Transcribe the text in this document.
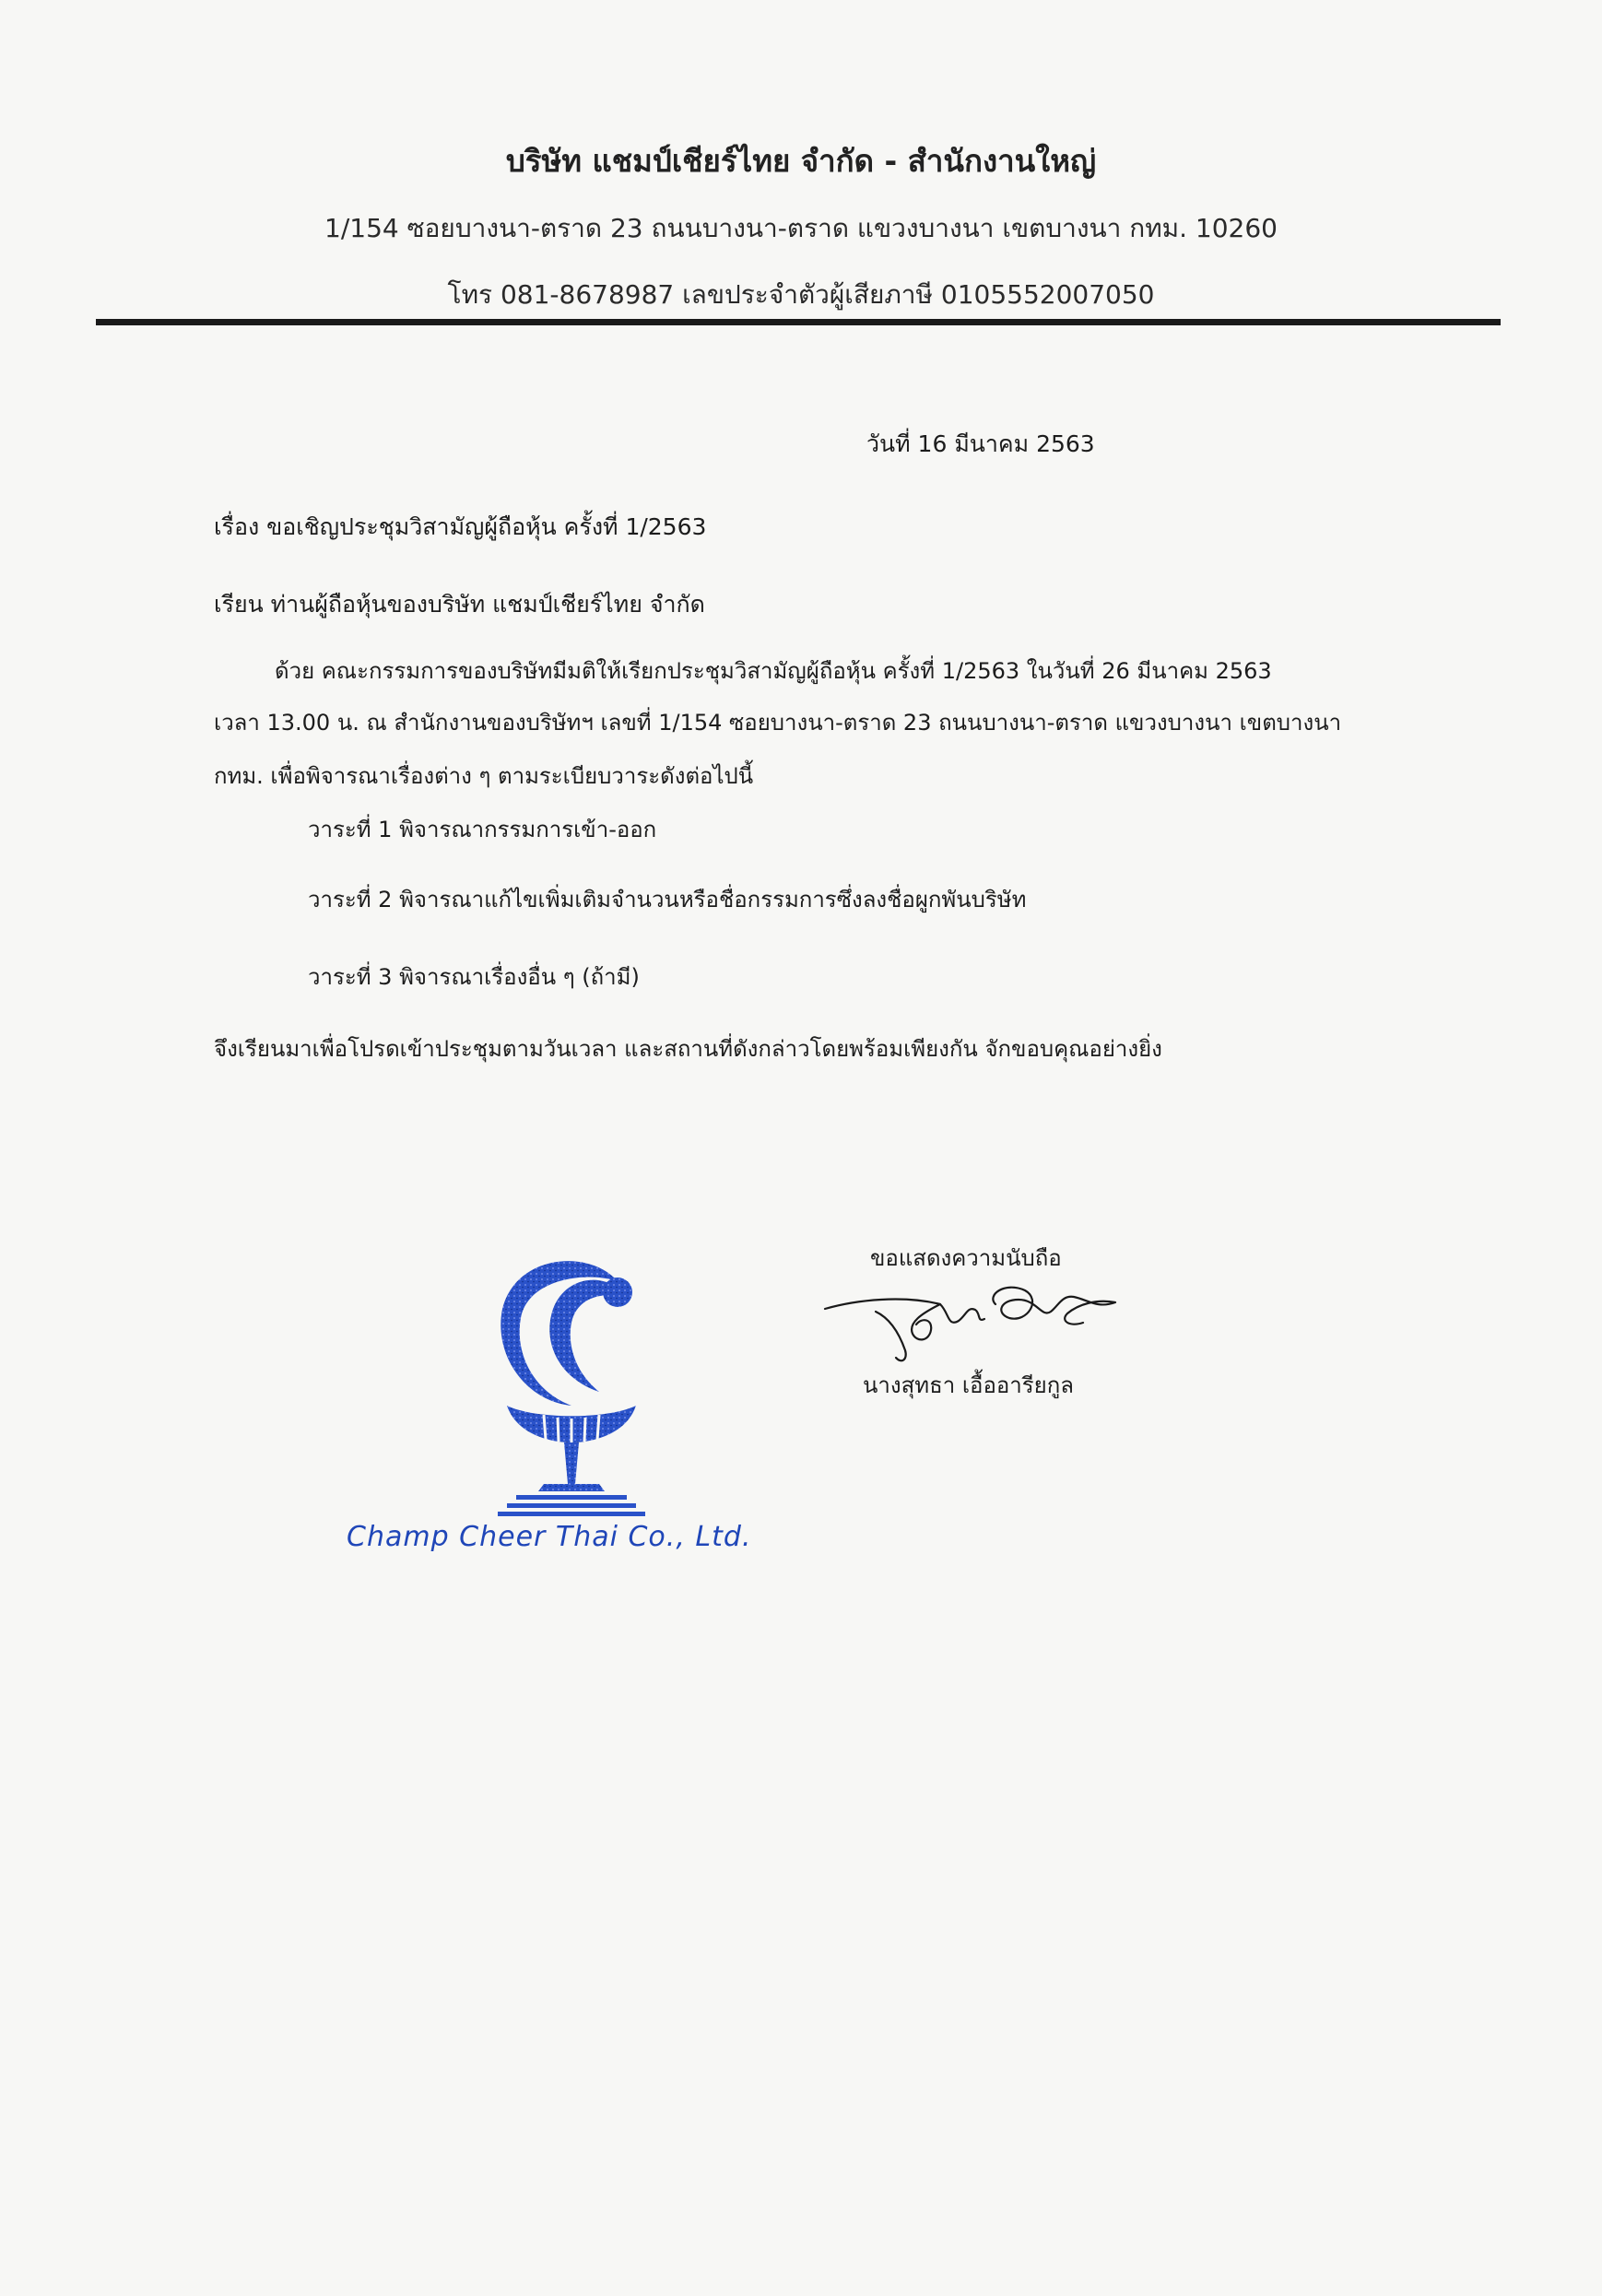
บริษัท แชมป์เชียร์ไทย จำกัด - สำนักงานใหญ่
1/154 ซอยบางนา-ตราด 23 ถนนบางนา-ตราด แขวงบางนา เขตบางนา กทม. 10260
โทร 081-8678987 เลขประจำตัวผู้เสียภาษี 0105552007050
วันที่ 16 มีนาคม 2563
เรื่อง ขอเชิญประชุมวิสามัญผู้ถือหุ้น ครั้งที่ 1/2563
เรียน ท่านผู้ถือหุ้นของบริษัท แชมป์เชียร์ไทย จำกัด
ด้วย คณะกรรมการของบริษัทมีมติให้เรียกประชุมวิสามัญผู้ถือหุ้น ครั้งที่ 1/2563 ในวันที่ 26 มีนาคม 2563
เวลา 13.00 น. ณ สำนักงานของบริษัทฯ เลขที่ 1/154 ซอยบางนา-ตราด 23 ถนนบางนา-ตราด แขวงบางนา เขตบางนา
กทม. เพื่อพิจารณาเรื่องต่าง ๆ ตามระเบียบวาระดังต่อไปนี้
วาระที่ 1 พิจารณากรรมการเข้า-ออก
วาระที่ 2 พิจารณาแก้ไขเพิ่มเติมจำนวนหรือชื่อกรรมการซึ่งลงชื่อผูกพันบริษัท
วาระที่ 3 พิจารณาเรื่องอื่น ๆ (ถ้ามี)
จึงเรียนมาเพื่อโปรดเข้าประชุมตามวันเวลา และสถานที่ดังกล่าวโดยพร้อมเพียงกัน จักขอบคุณอย่างยิ่ง
ขอแสดงความนับถือ
นางสุทธา เอื้ออารียกูล
Champ Cheer Thai Co., Ltd.
